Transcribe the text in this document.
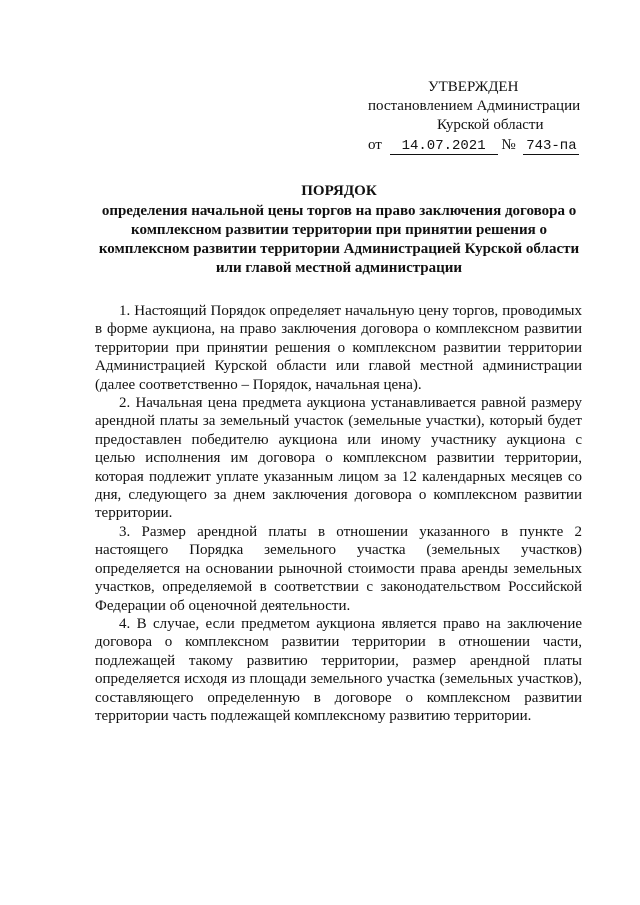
УТВЕРЖДЕН
постановлением Администрации
Курской области
от 14.07.2021 № 743-па
ПОРЯДОК
определения начальной цены торгов на право заключения договора о комплексном развитии территории при принятии решения о комплексном развитии территории Администрацией Курской области или главой местной администрации

1. Настоящий Порядок определяет начальную цену торгов, проводимых в форме аукциона, на право заключения договора о комплексном развитии территории при принятии решения о комплексном развитии территории Администрацией Курской области или главой местной администрации (далее соответственно – Порядок, начальная цена).

2. Начальная цена предмета аукциона устанавливается равной размеру арендной платы за земельный участок (земельные участки), который будет предоставлен победителю аукциона или иному участнику аукциона с целью исполнения им договора о комплексном развитии территории, которая подлежит уплате указанным лицом за 12 календарных месяцев со дня, следующего за днем заключения договора о комплексном развитии территории.

3. Размер арендной платы в отношении указанного в пункте 2 настоящего Порядка земельного участка (земельных участков) определяется на основании рыночной стоимости права аренды земельных участков, определяемой в соответствии с законодательством Российской Федерации об оценочной деятельности.

4. В случае, если предметом аукциона является право на заключение договора о комплексном развитии территории в отношении части, подлежащей такому развитию территории, размер арендной платы определяется исходя из площади земельного участка (земельных участков), составляющего определенную в договоре о комплексном развитии территории часть подлежащей комплексному развитию территории.
